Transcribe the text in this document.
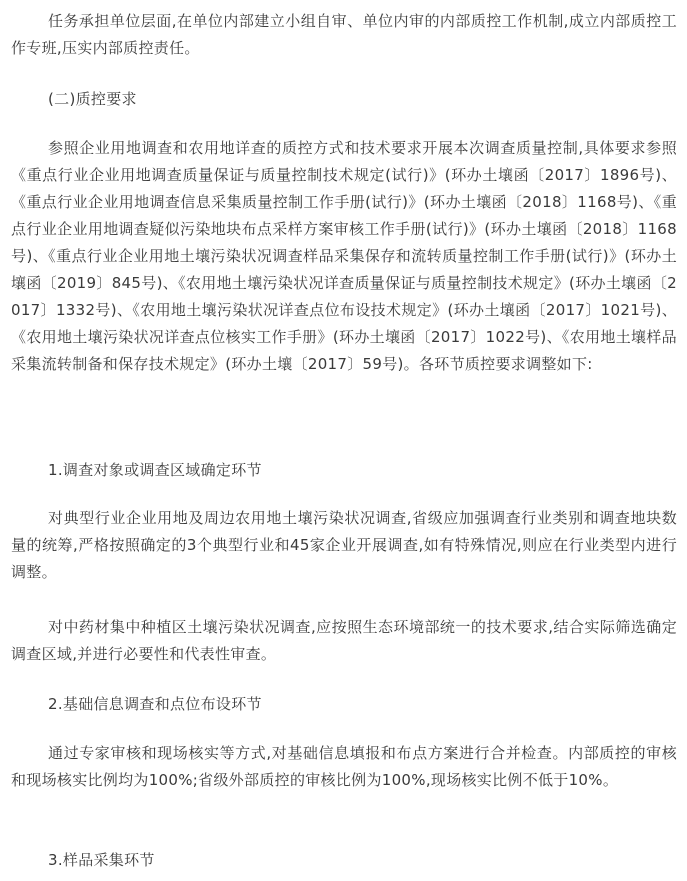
任务承担单位层面,在单位内部建立小组自审、单位内审的内部质控工作机制,成立内部质控工作专班,压实内部质控责任。

(二)质控要求

参照企业用地调查和农用地详查的质控方式和技术要求开展本次调查质量控制,具体要求参照《重点行业企业用地调查质量保证与质量控制技术规定(试行)》(环办土壤函〔2017〕1896号)、《重点行业企业用地调查信息采集质量控制工作手册(试行)》(环办土壤函〔2018〕1168号)、《重点行业企业用地调查疑似污染地块布点采样方案审核工作手册(试行)》(环办土壤函〔2018〕1168号)、《重点行业企业用地土壤污染状况调查样品采集保存和流转质量控制工作手册(试行)》(环办土壤函〔2019〕845号)、《农用地土壤污染状况详查质量保证与质量控制技术规定》(环办土壤函〔2017〕1332号)、《农用地土壤污染状况详查点位布设技术规定》(环办土壤函〔2017〕1021号)、《农用地土壤污染状况详查点位核实工作手册》(环办土壤函〔2017〕1022号)、《农用地土壤样品采集流转制备和保存技术规定》(环办土壤〔2017〕59号)。各环节质控要求调整如下:

1.调查对象或调查区域确定环节

对典型行业企业用地及周边农用地土壤污染状况调查,省级应加强调查行业类别和调查地块数量的统筹,严格按照确定的3个典型行业和45家企业开展调查,如有特殊情况,则应在行业类型内进行调整。

对中药材集中种植区土壤污染状况调查,应按照生态环境部统一的技术要求,结合实际筛选确定调查区域,并进行必要性和代表性审查。

2.基础信息调查和点位布设环节

通过专家审核和现场核实等方式,对基础信息填报和布点方案进行合并检查。内部质控的审核和现场核实比例均为100%;省级外部质控的审核比例为100%,现场核实比例不低于10%。

3.样品采集环节
